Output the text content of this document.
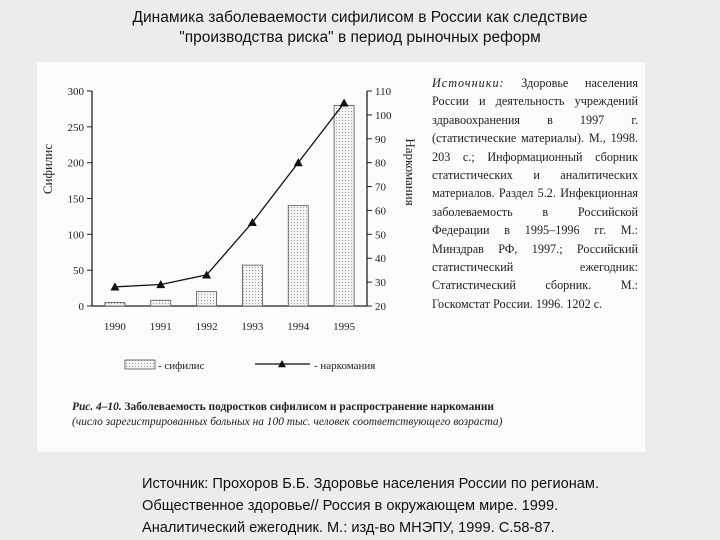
Динамика заболеваемости сифилисом в России как следствие
"производства риска" в период рыночных реформ
0
50
100
150
200
250
300
20
30
40
50
60
70
80
90
100
110
1990 1991 1992 1993 1994 1995
- сифилис	- наркомания
Сифилис	Наркомания
Источники: Здоровье населения России и деятельность учреждений здравоохранения в 1997 г. (статистические материалы). М., 1998. 203 с.; Информационный сборник статистических и аналитических материалов. Раздел 5.2. Инфекционная заболеваемость в Российской Федерации в 1995–1996 гг. М.: Минздрав РФ, 1997.; Российский статистический ежегодник: Статистический сборник. М.: Госкомстат России. 1996. 1202 с.
Рис. 4–10. Заболеваемость подростков сифилисом и распространение наркомании
(число зарегистрированных больных на 100 тыс. человек соответствующего возраста)
Источник: Прохоров Б.Б. Здоровье населения России по регионам.
Общественное здоровье// Россия в окружающем мире. 1999.
Аналитический ежегодник. М.: изд-во МНЭПУ, 1999. С.58-87.
